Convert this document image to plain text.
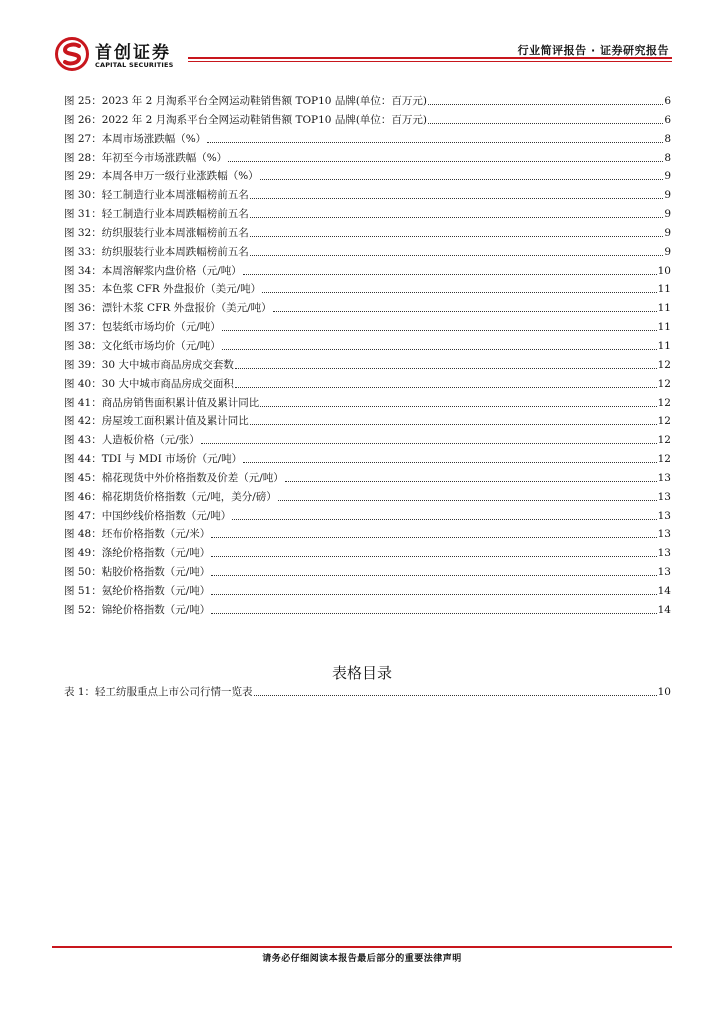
首创证券
CAPITAL SECURITIES
行业简评报告 · 证券研究报告
图 25：2023 年 2 月淘系平台全网运动鞋销售额 TOP10 品牌(单位：百万元)	6
图 26：2022 年 2 月淘系平台全网运动鞋销售额 TOP10 品牌(单位：百万元)	6
图 27：本周市场涨跌幅（%）	8
图 28：年初至今市场涨跌幅（%）	8
图 29：本周各申万一级行业涨跌幅（%）	9
图 30：轻工制造行业本周涨幅榜前五名	9
图 31：轻工制造行业本周跌幅榜前五名	9
图 32：纺织服装行业本周涨幅榜前五名	9
图 33：纺织服装行业本周跌幅榜前五名	9
图 34：本周溶解浆内盘价格（元/吨）	10
图 35：本色浆 CFR 外盘报价（美元/吨）	11
图 36：漂针木浆 CFR 外盘报价（美元/吨）	11
图 37：包装纸市场均价（元/吨）	11
图 38：文化纸市场均价（元/吨）	11
图 39：30 大中城市商品房成交套数	12
图 40：30 大中城市商品房成交面积	12
图 41：商品房销售面积累计值及累计同比	12
图 42：房屋竣工面积累计值及累计同比	12
图 43：人造板价格（元/张）	12
图 44：TDI 与 MDI 市场价（元/吨）	12
图 45：棉花现货中外价格指数及价差（元/吨）	13
图 46：棉花期货价格指数（元/吨，美分/磅）	13
图 47：中国纱线价格指数（元/吨）	13
图 48：坯布价格指数（元/米）	13
图 49：涤纶价格指数（元/吨）	13
图 50：粘胶价格指数（元/吨）	13
图 51：氨纶价格指数（元/吨）	14
图 52：锦纶价格指数（元/吨）	14
表格目录
表 1：轻工纺服重点上市公司行情一览表	10
请务必仔细阅读本报告最后部分的重要法律声明
